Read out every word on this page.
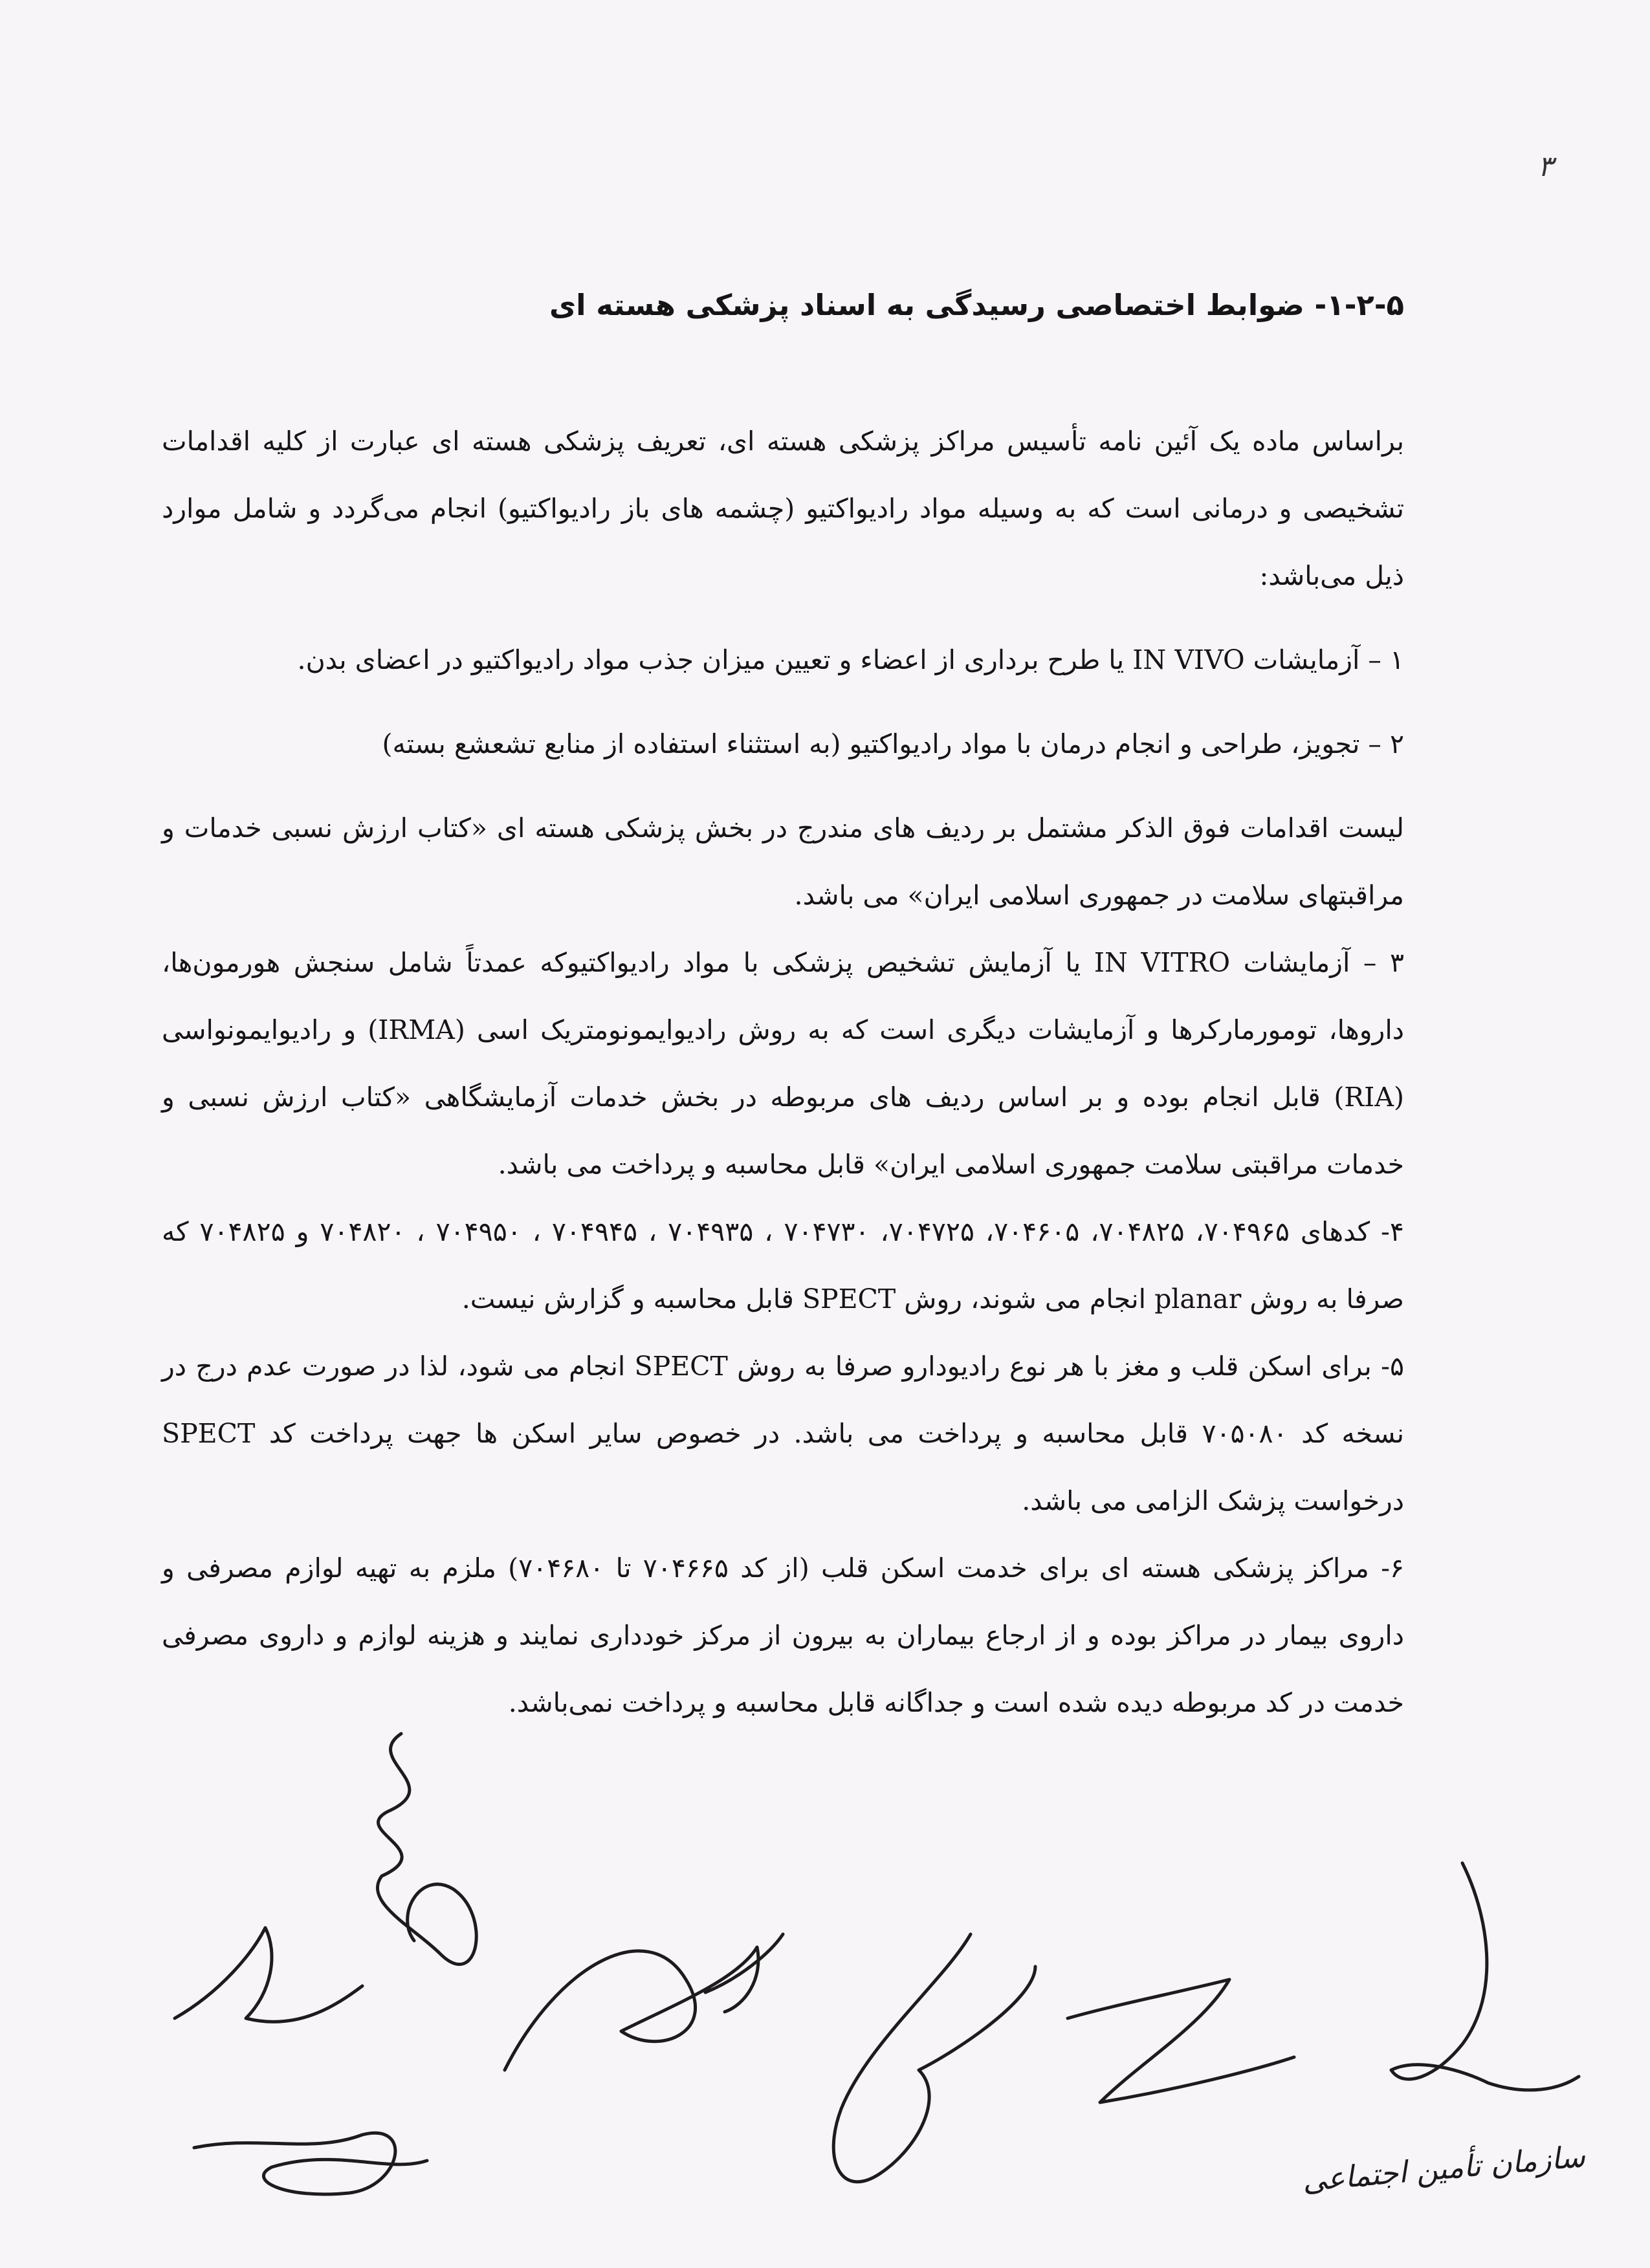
۳
۱-۲-۵- ضوابط اختصاصی رسیدگی به اسناد پزشکی هسته ای

براساس ماده یک آئین نامه تأسیس مراکز پزشکی هسته ای، تعریف پزشکی هسته ای عبارت از کلیه اقدامات تشخیصی و درمانی است که به وسیله مواد رادیواکتیو (چشمه های باز رادیواکتیو) انجام می‌گردد و شامل موارد ذیل می‌باشد:

۱ – آزمایشات IN VIVO یا طرح برداری از اعضاء و تعیین میزان جذب مواد رادیواکتیو در اعضای بدن.

۲ – تجویز، طراحی و انجام درمان با مواد رادیواکتیو (به استثناء استفاده از منابع تشعشع بسته)

لیست اقدامات فوق الذکر مشتمل بر ردیف های مندرج در بخش پزشکی هسته ای «کتاب ارزش نسبی خدمات و مراقبتهای سلامت در جمهوری اسلامی ایران» می باشد.

۳ – آزمایشات IN VITRO یا آزمایش تشخیص پزشکی با مواد رادیواکتیوکه عمدتاً شامل سنجش هورمون‌ها، داروها، تومورمارکرها و آزمایشات دیگری است که به روش رادیوایمونومتریک اسی (IRMA) و رادیوایمونواسی (RIA) قابل انجام بوده و بر اساس ردیف های مربوطه در بخش خدمات آزمایشگاهی «کتاب ارزش نسبی و خدمات مراقبتی سلامت جمهوری اسلامی ایران» قابل محاسبه و پرداخت می باشد.

۴- کدهای ۷۰۴۹۶۵، ۷۰۴۸۲۵، ۷۰۴۶۰۵، ۷۰۴۷۲۵، ۷۰۴۷۳۰ ، ۷۰۴۹۳۵ ، ۷۰۴۹۴۵ ، ۷۰۴۹۵۰ ، ۷۰۴۸۲۰ و ۷۰۴۸۲۵ که صرفا به روش planar انجام می شوند، روش SPECT قابل محاسبه و گزارش نیست.

۵- برای اسکن قلب و مغز با هر نوع رادیودارو صرفا به روش SPECT انجام می شود، لذا در صورت عدم درج در نسخه کد ۷۰۵۰۸۰ قابل محاسبه و پرداخت می باشد. در خصوص سایر اسکن ها جهت پرداخت کد SPECT درخواست پزشک الزامی می باشد.

۶- مراکز پزشکی هسته ای برای خدمت اسکن قلب (از کد ۷۰۴۶۶۵ تا ۷۰۴۶۸۰) ملزم به تهیه لوازم مصرفی و داروی بیمار در مراکز بوده و از ارجاع بیماران به بیرون از مرکز خودداری نمایند و هزینه لوازم و داروی مصرفی خدمت در کد مربوطه دیده شده است و جداگانه قابل محاسبه و پرداخت نمی‌باشد.

سازمان تأمین اجتماعی
